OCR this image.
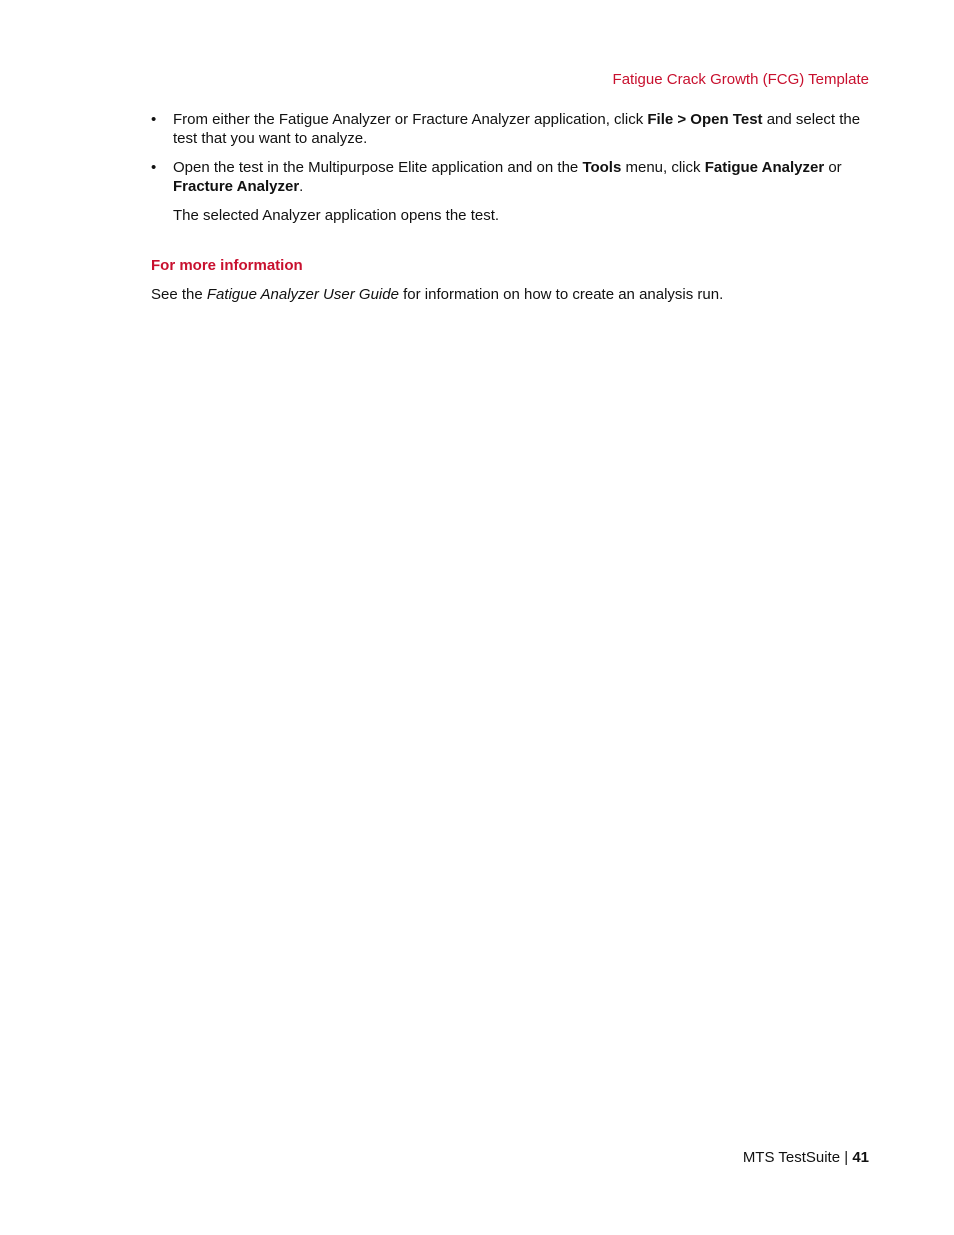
Fatigue Crack Growth (FCG) Template
• From either the Fatigue Analyzer or Fracture Analyzer application, click File > Open Test and select the test that you want to analyze.
• Open the test in the Multipurpose Elite application and on the Tools menu, click Fatigue Analyzer or Fracture Analyzer.

The selected Analyzer application opens the test.

For more information

See the Fatigue Analyzer User Guide for information on how to create an analysis run.

MTS TestSuite | 41
